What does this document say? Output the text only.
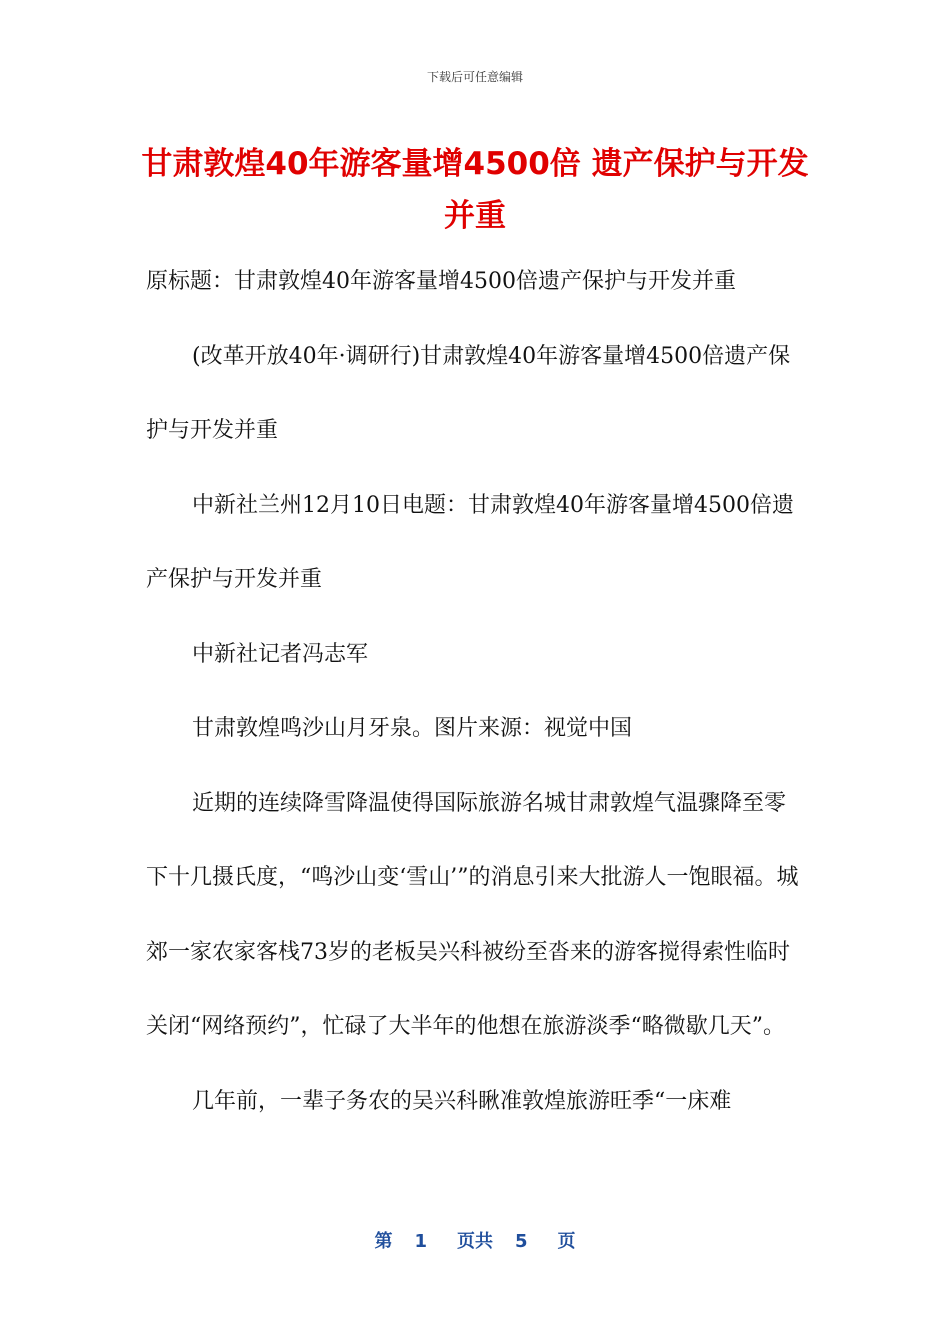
下载后可任意编辑
甘肃敦煌40年游客量增4500倍 遗产保护与开发并重

原标题：甘肃敦煌40年游客量增4500倍遗产保护与开发并重

(改革开放40年·调研行)甘肃敦煌40年游客量增4500倍遗产保护与开发并重

中新社兰州12月10日电题：甘肃敦煌40年游客量增4500倍遗产保护与开发并重

中新社记者冯志军

甘肃敦煌鸣沙山月牙泉。图片来源：视觉中国

近期的连续降雪降温使得国际旅游名城甘肃敦煌气温骤降至零下十几摄氏度，“鸣沙山变‘雪山’”的消息引来大批游人一饱眼福。城郊一家农家客栈73岁的老板吴兴科被纷至沓来的游客搅得索性临时关闭“网络预约”，忙碌了大半年的他想在旅游淡季“略微歇几天”。

几年前，一辈子务农的吴兴科瞅准敦煌旅游旺季“一床难

第 1 页共 5 页
